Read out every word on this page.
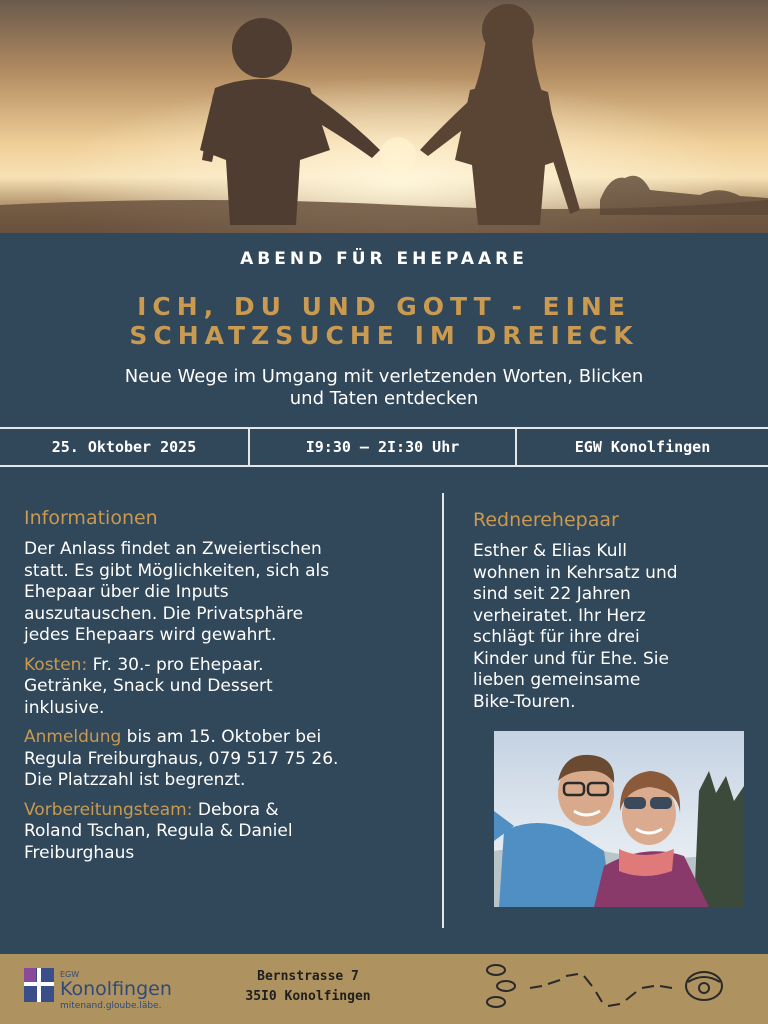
ABEND FÜR EHEPAARE
ICH, DU UND GOTT - EINE
SCHATZSUCHE IM DREIECK
Neue Wege im Umgang mit verletzenden Worten, Blicken
und Taten entdecken
25. Oktober 2025	I9:30 – 2I:30 Uhr	EGW Konolfingen
Informationen
Der Anlass findet an Zweiertischen
statt. Es gibt Möglichkeiten, sich als
Ehepaar über die Inputs
auszutauschen. Die Privatsphäre
jedes Ehepaars wird gewahrt.
Kosten: Fr. 30.- pro Ehepaar.
Getränke, Snack und Dessert
inklusive.
Anmeldung bis am 15. Oktober bei
Regula Freiburghaus, 079 517 75 26.
Die Platzzahl ist begrenzt.
Vorbereitungsteam: Debora &
Roland Tschan, Regula & Daniel
Freiburghaus
Rednerehepaar
Esther & Elias Kull
wohnen in Kehrsatz und
sind seit 22 Jahren
verheiratet. Ihr Herz
schlägt für ihre drei
Kinder und für Ehe. Sie
lieben gemeinsame
Bike-Touren.
EGW
Konolfingen
mitenand.gloube.läbe.
Bernstrasse 7
35I0 Konolfingen
